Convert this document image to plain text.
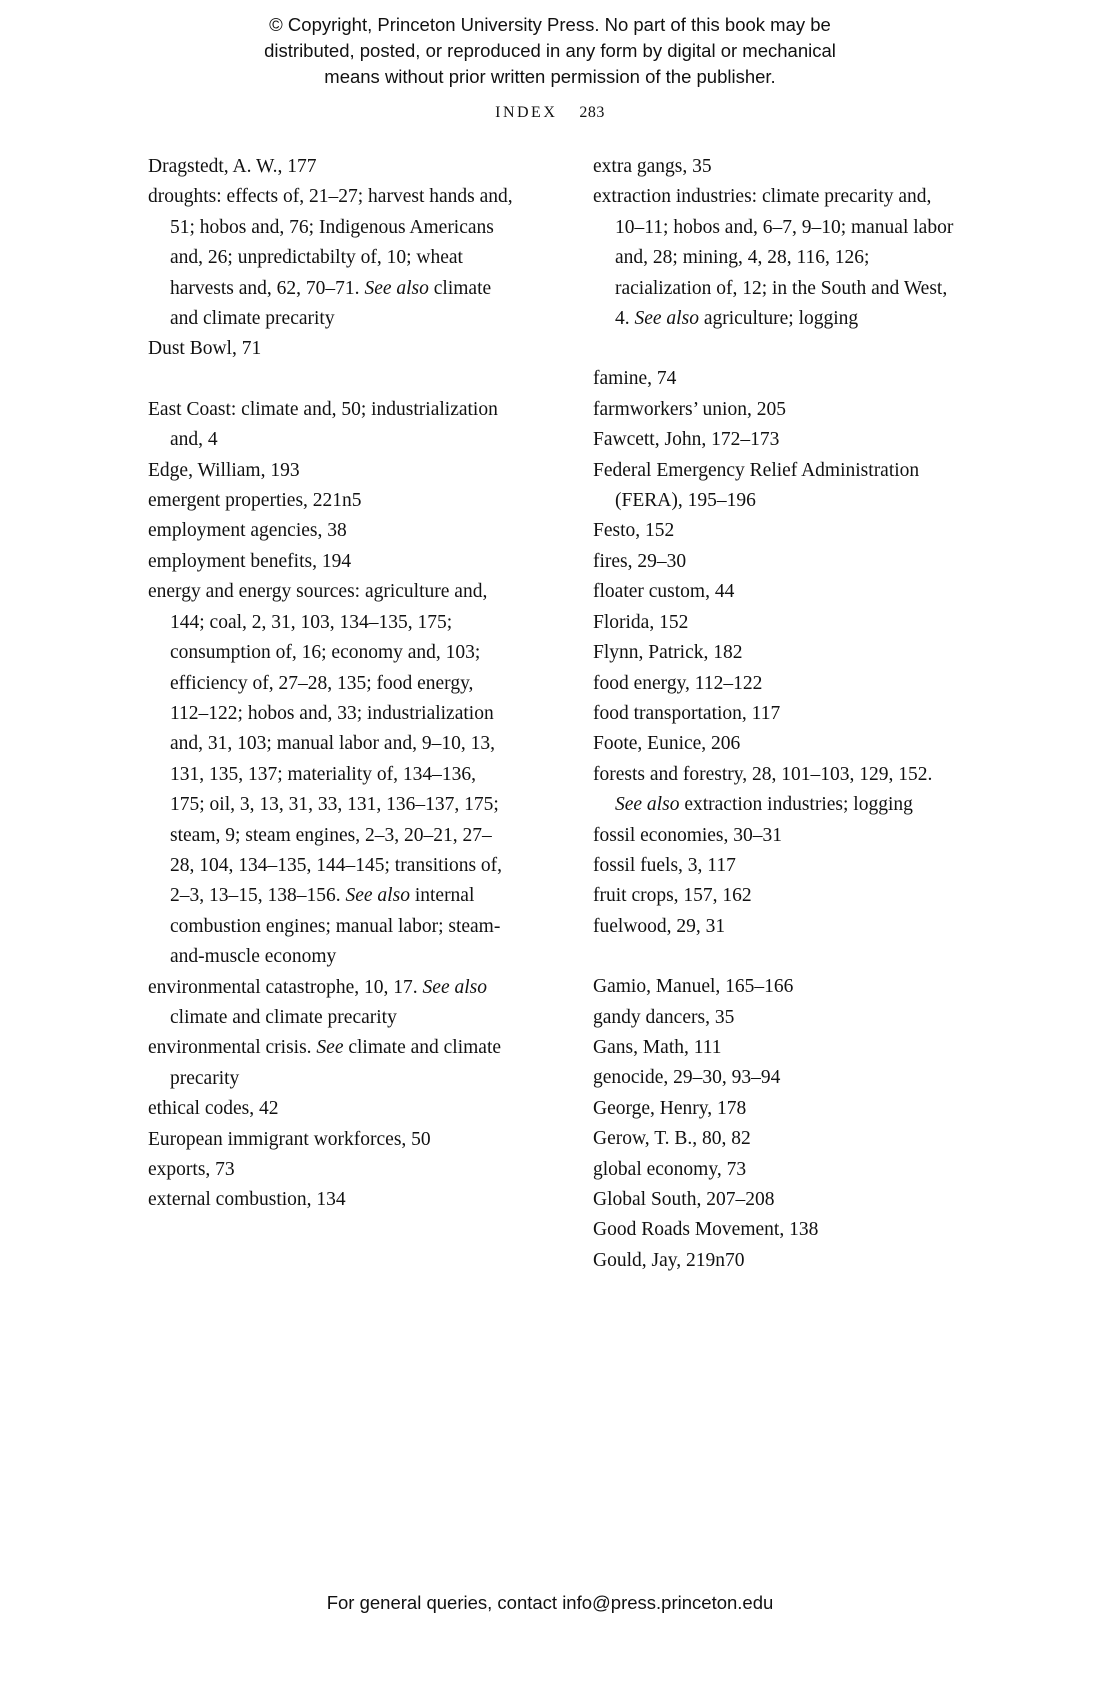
© Copyright, Princeton University Press. No part of this book may be
distributed, posted, or reproduced in any form by digital or mechanical
means without prior written permission of the publisher.
INDEX 283

Dragstedt, A. W., 177

droughts: effects of, 21–27; harvest hands and, 51; hobos and, 76; Indigenous Americans and, 26; unpredictabilty of, 10; wheat harvests and, 62, 70–71. See also climate and climate precarity

Dust Bowl, 71

East Coast: climate and, 50; industrialization and, 4

Edge, William, 193

emergent properties, 221n5

employment agencies, 38

employment benefits, 194

energy and energy sources: agriculture and, 144; coal, 2, 31, 103, 134–135, 175; consumption of, 16; economy and, 103; efficiency of, 27–28, 135; food energy, 112–122; hobos and, 33; industrialization and, 31, 103; manual labor and, 9–10, 13, 131, 135, 137; materiality of, 134–136, 175; oil, 3, 13, 31, 33, 131, 136–137, 175; steam, 9; steam engines, 2–3, 20–21, 27–28, 104, 134–135, 144–145; transitions of, 2–3, 13–15, 138–156. See also internal combustion engines; manual labor; steam-and-muscle economy

environmental catastrophe, 10, 17. See also climate and climate precarity

environmental crisis. See climate and climate precarity

ethical codes, 42

European immigrant workforces, 50

exports, 73

external combustion, 134

extra gangs, 35

extraction industries: climate precarity and, 10–11; hobos and, 6–7, 9–10; manual labor and, 28; mining, 4, 28, 116, 126; racialization of, 12; in the South and West, 4. See also agriculture; logging

famine, 74

farmworkers’ union, 205

Fawcett, John, 172–173

Federal Emergency Relief Administration (FERA), 195–196

Festo, 152

fires, 29–30

floater custom, 44

Florida, 152

Flynn, Patrick, 182

food energy, 112–122

food transportation, 117

Foote, Eunice, 206

forests and forestry, 28, 101–103, 129, 152. See also extraction industries; logging

fossil economies, 30–31

fossil fuels, 3, 117

fruit crops, 157, 162

fuelwood, 29, 31

Gamio, Manuel, 165–166

gandy dancers, 35

Gans, Math, 111

genocide, 29–30, 93–94

George, Henry, 178

Gerow, T. B., 80, 82

global economy, 73

Global South, 207–208

Good Roads Movement, 138

Gould, Jay, 219n70

For general queries, contact info@press.princeton.edu
